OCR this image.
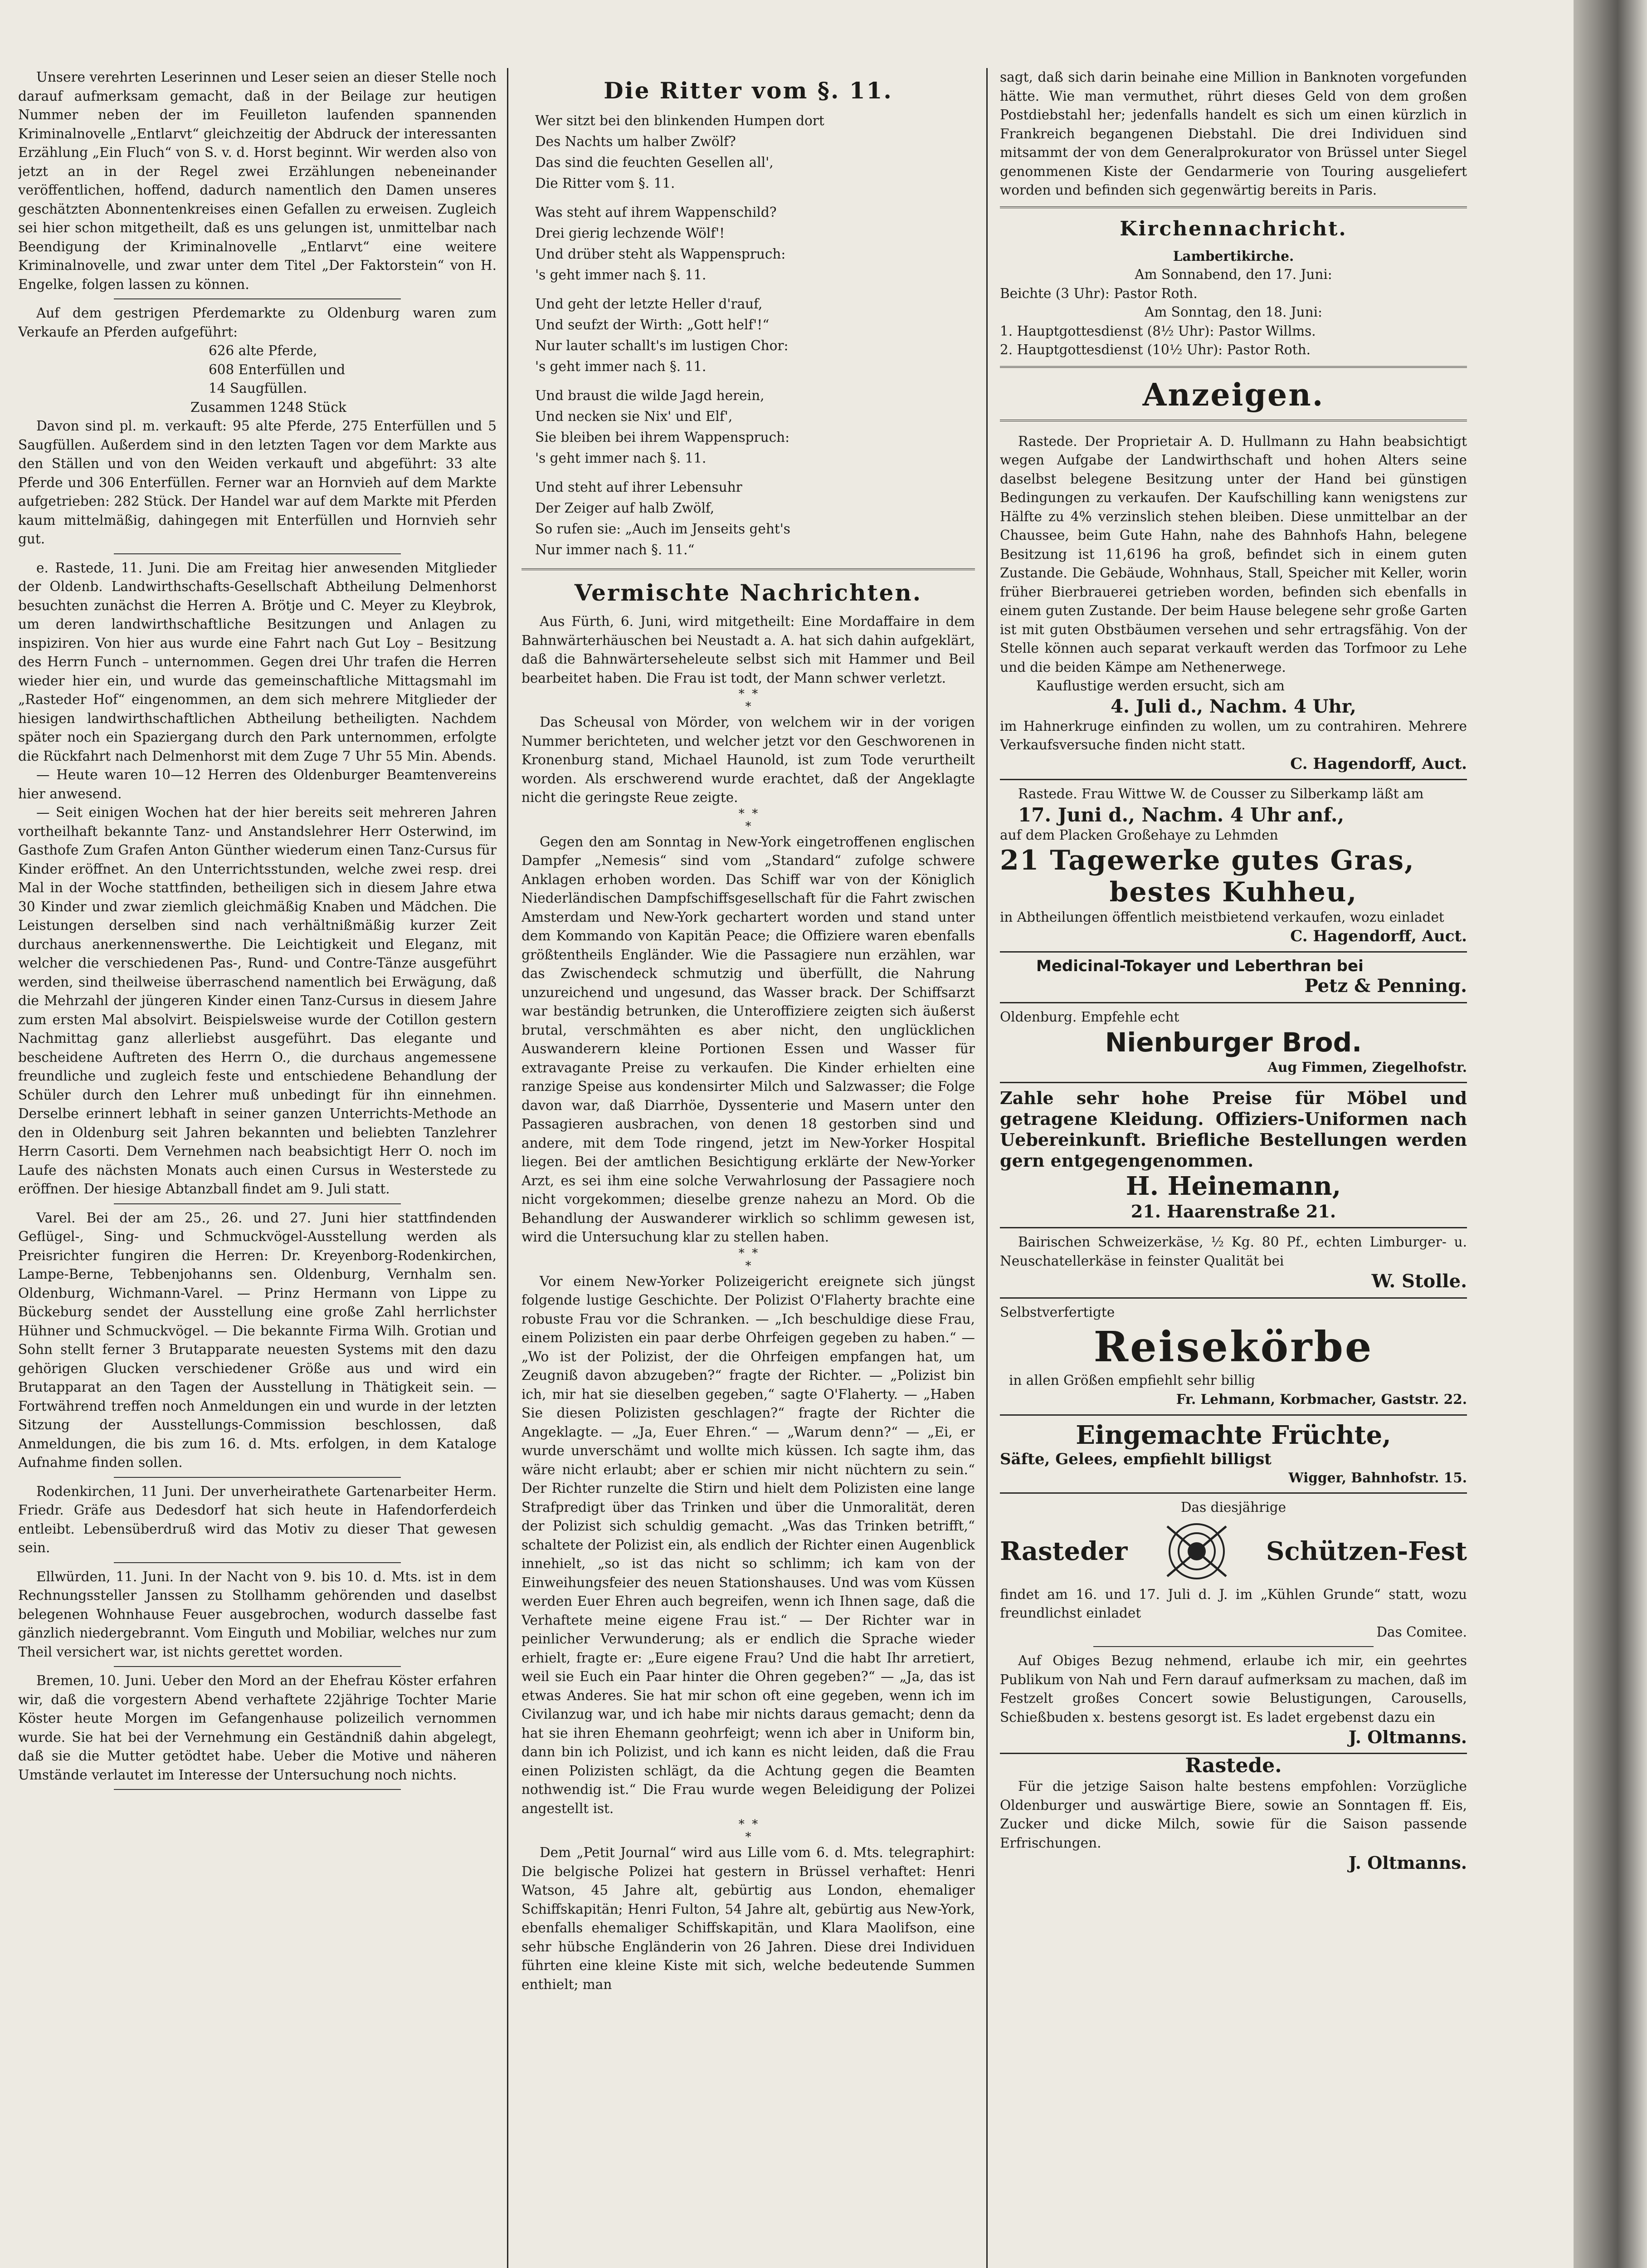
Unsere verehrten Leserinnen und Leser seien an dieser Stelle noch darauf aufmerksam gemacht, daß in der Beilage zur heutigen Nummer neben der im Feuilleton laufenden spannenden Kriminalnovelle „Entlarvt“ gleichzeitig der Abdruck der interessanten Erzählung „Ein Fluch“ von S. v. d. Horst beginnt. Wir werden also von jetzt an in der Regel zwei Erzählungen nebeneinander veröffentlichen, hoffend, dadurch namentlich den Damen unseres geschätzten Abonnentenkreises einen Gefallen zu erweisen. Zugleich sei hier schon mitgetheilt, daß es uns gelungen ist, unmittelbar nach Beendigung der Kriminalnovelle „Entlarvt“ eine weitere Kriminalnovelle, und zwar unter dem Titel „Der Faktorstein“ von H. Engelke, folgen lassen zu können.

Auf dem gestrigen Pferdemarkte zu Oldenburg waren zum Verkaufe an Pferden aufgeführt:

626 alte Pferde,
608 Enterfüllen und
14 Saugfüllen.
Zusammen 1248 Stück

Davon sind pl. m. verkauft: 95 alte Pferde, 275 Enterfüllen und 5 Saugfüllen. Außerdem sind in den letzten Tagen vor dem Markte aus den Ställen und von den Weiden verkauft und abgeführt: 33 alte Pferde und 306 Enterfüllen. Ferner war an Hornvieh auf dem Markte aufgetrieben: 282 Stück. Der Handel war auf dem Markte mit Pferden kaum mittelmäßig, dahingegen mit Enterfüllen und Hornvieh sehr gut.

e. Rastede, 11. Juni. Die am Freitag hier anwesenden Mitglieder der Oldenb. Landwirthschafts-Gesellschaft Abtheilung Delmenhorst besuchten zunächst die Herren A. Brötje und C. Meyer zu Kleybrok, um deren landwirthschaftliche Besitzungen und Anlagen zu inspiziren. Von hier aus wurde eine Fahrt nach Gut Loy – Besitzung des Herrn Funch – unternommen. Gegen drei Uhr trafen die Herren wieder hier ein, und wurde das gemeinschaftliche Mittagsmahl im „Rasteder Hof“ eingenommen, an dem sich mehrere Mitglieder der hiesigen landwirthschaftlichen Abtheilung betheiligten. Nachdem später noch ein Spaziergang durch den Park unternommen, erfolgte die Rückfahrt nach Delmenhorst mit dem Zuge 7 Uhr 55 Min. Abends.

— Heute waren 10—12 Herren des Oldenburger Beamtenvereins hier anwesend.

— Seit einigen Wochen hat der hier bereits seit mehreren Jahren vortheilhaft bekannte Tanz- und Anstandslehrer Herr Osterwind, im Gasthofe Zum Grafen Anton Günther wiederum einen Tanz-Cursus für Kinder eröffnet. An den Unterrichtsstunden, welche zwei resp. drei Mal in der Woche stattfinden, betheiligen sich in diesem Jahre etwa 30 Kinder und zwar ziemlich gleichmäßig Knaben und Mädchen. Die Leistungen derselben sind nach verhältnißmäßig kurzer Zeit durchaus anerkennenswerthe. Die Leichtigkeit und Eleganz, mit welcher die verschiedenen Pas-, Rund- und Contre-Tänze ausgeführt werden, sind theilweise überraschend namentlich bei Erwägung, daß die Mehrzahl der jüngeren Kinder einen Tanz-Cursus in diesem Jahre zum ersten Mal absolvirt. Beispielsweise wurde der Cotillon gestern Nachmittag ganz allerliebst ausgeführt. Das elegante und bescheidene Auftreten des Herrn O., die durchaus angemessene freundliche und zugleich feste und entschiedene Behandlung der Schüler durch den Lehrer muß unbedingt für ihn einnehmen. Derselbe erinnert lebhaft in seiner ganzen Unterrichts-Methode an den in Oldenburg seit Jahren bekannten und beliebten Tanzlehrer Herrn Casorti. Dem Vernehmen nach beabsichtigt Herr O. noch im Laufe des nächsten Monats auch einen Cursus in Westerstede zu eröffnen. Der hiesige Abtanzball findet am 9. Juli statt.

Varel. Bei der am 25., 26. und 27. Juni hier stattfindenden Geflügel-, Sing- und Schmuckvögel-Ausstellung werden als Preisrichter fungiren die Herren: Dr. Kreyenborg-Rodenkirchen, Lampe-Berne, Tebbenjohanns sen. Oldenburg, Vernhalm sen. Oldenburg, Wichmann-Varel. — Prinz Hermann von Lippe zu Bückeburg sendet der Ausstellung eine große Zahl herrlichster Hühner und Schmuckvögel. — Die bekannte Firma Wilh. Grotian und Sohn stellt ferner 3 Brutapparate neuesten Systems mit den dazu gehörigen Glucken verschiedener Größe aus und wird ein Brutapparat an den Tagen der Ausstellung in Thätigkeit sein. — Fortwährend treffen noch Anmeldungen ein und wurde in der letzten Sitzung der Ausstellungs-Commission beschlossen, daß Anmeldungen, die bis zum 16. d. Mts. erfolgen, in dem Kataloge Aufnahme finden sollen.

Rodenkirchen, 11 Juni. Der unverheirathete Gartenarbeiter Herm. Friedr. Gräfe aus Dedesdorf hat sich heute in Hafendorferdeich entleibt. Lebensüberdruß wird das Motiv zu dieser That gewesen sein.

Ellwürden, 11. Juni. In der Nacht von 9. bis 10. d. Mts. ist in dem Rechnungssteller Janssen zu Stollhamm gehörenden und daselbst belegenen Wohnhause Feuer ausgebrochen, wodurch dasselbe fast gänzlich niedergebrannt. Vom Einguth und Mobiliar, welches nur zum Theil versichert war, ist nichts gerettet worden.

Bremen, 10. Juni. Ueber den Mord an der Ehefrau Köster erfahren wir, daß die vorgestern Abend verhaftete 22jährige Tochter Marie Köster heute Morgen im Gefangenhause polizeilich vernommen wurde. Sie hat bei der Vernehmung ein Geständniß dahin abgelegt, daß sie die Mutter getödtet habe. Ueber die Motive und näheren Umstände verlautet im Interesse der Untersuchung noch nichts.

Die Ritter vom §. 11.
Wer sitzt bei den blinkenden Humpen dort
Des Nachts um halber Zwölf?
Das sind die feuchten Gesellen all',
Die Ritter vom §. 11.
Was steht auf ihrem Wappenschild?
Drei gierig lechzende Wölf'!
Und drüber steht als Wappenspruch:
's geht immer nach §. 11.
Und geht der letzte Heller d'rauf,
Und seufzt der Wirth: „Gott helf'!“
Nur lauter schallt's im lustigen Chor:
's geht immer nach §. 11.
Und braust die wilde Jagd herein,
Und necken sie Nix' und Elf',
Sie bleiben bei ihrem Wappenspruch:
's geht immer nach §. 11.
Und steht auf ihrer Lebensuhr
Der Zeiger auf halb Zwölf,
So rufen sie: „Auch im Jenseits geht's
Nur immer nach §. 11.“
Vermischte Nachrichten.

Aus Fürth, 6. Juni, wird mitgetheilt: Eine Mordaffaire in dem Bahnwärterhäuschen bei Neustadt a. A. hat sich dahin aufgeklärt, daß die Bahnwärterseheleute selbst sich mit Hammer und Beil bearbeitet haben. Die Frau ist todt, der Mann schwer verletzt.

*  *
*

Das Scheusal von Mörder, von welchem wir in der vorigen Nummer berichteten, und welcher jetzt vor den Geschworenen in Kronenburg stand, Michael Haunold, ist zum Tode verurtheilt worden. Als erschwerend wurde erachtet, daß der Angeklagte nicht die geringste Reue zeigte.

*  *
*

Gegen den am Sonntag in New-York eingetroffenen englischen Dampfer „Nemesis“ sind vom „Standard“ zufolge schwere Anklagen erhoben worden. Das Schiff war von der Königlich Niederländischen Dampfschiffsgesellschaft für die Fahrt zwischen Amsterdam und New-York gechartert worden und stand unter dem Kommando von Kapitän Peace; die Offiziere waren ebenfalls größtentheils Engländer. Wie die Passagiere nun erzählen, war das Zwischendeck schmutzig und überfüllt, die Nahrung unzureichend und ungesund, das Wasser brack. Der Schiffsarzt war beständig betrunken, die Unteroffiziere zeigten sich äußerst brutal, verschmähten es aber nicht, den unglücklichen Auswanderern kleine Portionen Essen und Wasser für extravagante Preise zu verkaufen. Die Kinder erhielten eine ranzige Speise aus kondensirter Milch und Salzwasser; die Folge davon war, daß Diarrhöe, Dyssenterie und Masern unter den Passagieren ausbrachen, von denen 18 gestorben sind und andere, mit dem Tode ringend, jetzt im New-Yorker Hospital liegen. Bei der amtlichen Besichtigung erklärte der New-Yorker Arzt, es sei ihm eine solche Verwahrlosung der Passagiere noch nicht vorgekommen; dieselbe grenze nahezu an Mord. Ob die Behandlung der Auswanderer wirklich so schlimm gewesen ist, wird die Untersuchung klar zu stellen haben.

*  *
*

Vor einem New-Yorker Polizeigericht ereignete sich jüngst folgende lustige Geschichte. Der Polizist O'Flaherty brachte eine robuste Frau vor die Schranken. — „Ich beschuldige diese Frau, einem Polizisten ein paar derbe Ohrfeigen gegeben zu haben.“ — „Wo ist der Polizist, der die Ohrfeigen empfangen hat, um Zeugniß davon abzugeben?“ fragte der Richter. — „Polizist bin ich, mir hat sie dieselben gegeben,“ sagte O'Flaherty. — „Haben Sie diesen Polizisten geschlagen?“ fragte der Richter die Angeklagte. — „Ja, Euer Ehren.“ — „Warum denn?“ — „Ei, er wurde unverschämt und wollte mich küssen. Ich sagte ihm, das wäre nicht erlaubt; aber er schien mir nicht nüchtern zu sein.“ Der Richter runzelte die Stirn und hielt dem Polizisten eine lange Strafpredigt über das Trinken und über die Unmoralität, deren der Polizist sich schuldig gemacht. „Was das Trinken betrifft,“ schaltete der Polizist ein, als endlich der Richter einen Augenblick innehielt, „so ist das nicht so schlimm; ich kam von der Einweihungsfeier des neuen Stationshauses. Und was vom Küssen werden Euer Ehren auch begreifen, wenn ich Ihnen sage, daß die Verhaftete meine eigene Frau ist.“ — Der Richter war in peinlicher Verwunderung; als er endlich die Sprache wieder erhielt, fragte er: „Eure eigene Frau? Und die habt Ihr arretiert, weil sie Euch ein Paar hinter die Ohren gegeben?“ — „Ja, das ist etwas Anderes. Sie hat mir schon oft eine gegeben, wenn ich im Civilanzug war, und ich habe mir nichts daraus gemacht; denn da hat sie ihren Ehemann geohrfeigt; wenn ich aber in Uniform bin, dann bin ich Polizist, und ich kann es nicht leiden, daß die Frau einen Polizisten schlägt, da die Achtung gegen die Beamten nothwendig ist.“ Die Frau wurde wegen Beleidigung der Polizei angestellt ist.

*  *
*

Dem „Petit Journal“ wird aus Lille vom 6. d. Mts. telegraphirt: Die belgische Polizei hat gestern in Brüssel verhaftet: Henri Watson, 45 Jahre alt, gebürtig aus London, ehemaliger Schiffskapitän; Henri Fulton, 54 Jahre alt, gebürtig aus New-York, ebenfalls ehemaliger Schiffskapitän, und Klara Maolifson, eine sehr hübsche Engländerin von 26 Jahren. Diese drei Individuen führten eine kleine Kiste mit sich, welche bedeutende Summen enthielt; man

sagt, daß sich darin beinahe eine Million in Banknoten vorgefunden hätte. Wie man vermuthet, rührt dieses Geld von dem großen Postdiebstahl her; jedenfalls handelt es sich um einen kürzlich in Frankreich begangenen Diebstahl. Die drei Individuen sind mitsammt der von dem Generalprokurator von Brüssel unter Siegel genommenen Kiste der Gendarmerie von Touring ausgeliefert worden und befinden sich gegenwärtig bereits in Paris.

Kirchennachricht.
Lambertikirche.
Am Sonnabend, den 17. Juni:
Beichte (3 Uhr): Pastor Roth.
Am Sonntag, den 18. Juni:
1. Hauptgottesdienst (8½ Uhr): Pastor Willms.
2. Hauptgottesdienst (10½ Uhr): Pastor Roth.
Anzeigen.

Rastede. Der Proprietair A. D. Hullmann zu Hahn beabsichtigt wegen Aufgabe der Landwirthschaft und hohen Alters seine daselbst belegene Besitzung unter der Hand bei günstigen Bedingungen zu verkaufen. Der Kaufschilling kann wenigstens zur Hälfte zu 4% verzinslich stehen bleiben. Diese unmittelbar an der Chaussee, beim Gute Hahn, nahe des Bahnhofs Hahn, belegene Besitzung ist 11,6196 ha groß, befindet sich in einem guten Zustande. Die Gebäude, Wohnhaus, Stall, Speicher mit Keller, worin früher Bierbrauerei getrieben worden, befinden sich ebenfalls in einem guten Zustande. Der beim Hause belegene sehr große Garten ist mit guten Obstbäumen versehen und sehr ertragsfähig. Von der Stelle können auch separat verkauft werden das Torfmoor zu Lehe und die beiden Kämpe am Nethenerwege.

Kauflustige werden ersucht, sich am
4. Juli d., Nachm. 4 Uhr,

im Hahnerkruge einfinden zu wollen, um zu contrahiren. Mehrere Verkaufsversuche finden nicht statt.

C. Hagendorff, Auct.

Rastede. Frau Wittwe W. de Cousser zu Silberkamp läßt am

17. Juni d., Nachm. 4 Uhr anf.,
auf dem Placken Großehaye zu Lehmden
21 Tagewerke gutes Gras,
bestes Kuhheu,

in Abtheilungen öffentlich meistbietend verkaufen, wozu einladet

C. Hagendorff, Auct.
Medicinal-Tokayer und Leberthran bei
Petz & Penning.
Oldenburg. Empfehle echt
Nienburger Brod.
Aug Fimmen, Ziegelhofstr.

Zahle sehr hohe Preise für Möbel und getragene Kleidung. Offiziers-Uniformen nach Uebereinkunft. Briefliche Bestellungen werden gern entgegengenommen.

H. Heinemann,
21. Haarenstraße 21.

Bairischen Schweizerkäse, ½ Kg. 80 Pf., echten Limburger- u. Neuschatellerkäse in feinster Qualität bei

W. Stolle.
Selbstverfertigte
Reisekörbe
in allen Größen empfiehlt sehr billig
Fr. Lehmann, Korbmacher, Gaststr. 22.
Eingemachte Früchte,
Säfte, Gelees, empfiehlt billigst
Wigger, Bahnhofstr. 15.
Das diesjährige
Rasteder	Schützen-Fest

findet am 16. und 17. Juli d. J. im „Kühlen Grunde“ statt, wozu freundlichst einladet

Das Comitee.

Auf Obiges Bezug nehmend, erlaube ich mir, ein geehrtes Publikum von Nah und Fern darauf aufmerksam zu machen, daß im Festzelt großes Concert sowie Belustigungen, Carousells, Schießbuden x. bestens gesorgt ist. Es ladet ergebenst dazu ein

J. Oltmanns.
Rastede.

Für die jetzige Saison halte bestens empfohlen: Vorzügliche Oldenburger und auswärtige Biere, sowie an Sonntagen ff. Eis, Zucker und dicke Milch, sowie für die Saison passende Erfrischungen.

J. Oltmanns.
